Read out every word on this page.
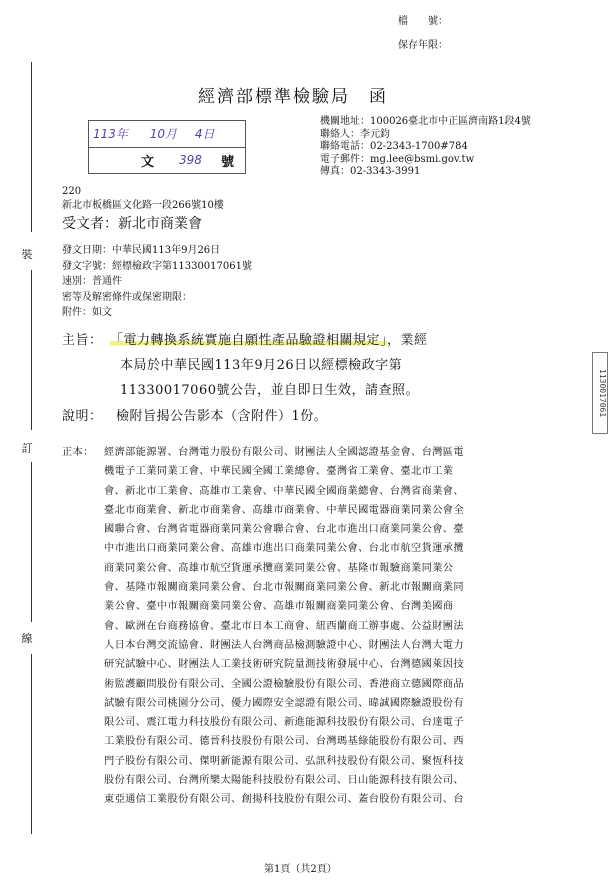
裝
訂
線
檔　　號：
保存年限：
經濟部標準檢驗局　函
113年 10月 4日
文 398 號
機關地址：100026臺北市中正區濟南路1段4號
聯絡人：李元鈞
聯絡電話：02-2343-1700#784
電子郵件：mg.lee@bsmi.gov.tw
傳真：02-3343-3991
220
新北市板橋區文化路一段266號10樓
受文者：新北市商業會
發文日期：中華民國113年9月26日
發文字號：經標檢政字第11330017061號
速別：普通件
密等及解密條件或保密期限：
附件：如文
主旨： 「電力轉換系統實施自願性產品驗證相關規定」，業經
本局於中華民國113年9月26日以經標檢政字第
11330017060號公告，並自即日生效，請查照。
說明： 檢附旨揭公告影本（含附件）1份。	1130017061
正本： 經濟部能源署、台灣電力股份有限公司、財團法人全國認證基金會、台灣區電
機電子工業同業工會、中華民國全國工業總會、臺灣省工業會、臺北市工業
會、新北市工業會、高雄市工業會、中華民國全國商業總會、台灣省商業會、
臺北市商業會、新北市商業會、高雄市商業會、中華民國電器商業同業公會全
國聯合會、台灣省電器商業同業公會聯合會、台北市進出口商業同業公會、臺
中市進出口商業同業公會、高雄市進出口商業同業公會、台北市航空貨運承攬
商業同業公會、高雄市航空貨運承攬商業同業公會、基隆市報驗商業同業公
會、基隆市報關商業同業公會、台北市報關商業同業公會、新北市報關商業同
業公會、臺中市報關商業同業公會、高雄市報關商業同業公會、台灣美國商
會、歐洲在台商務協會、臺北市日本工商會、紐西蘭商工辦事處、公益財團法
人日本台灣交流協會、財團法人台灣商品檢測驗證中心、財團法人台灣大電力
研究試驗中心、財團法人工業技術研究院量測技術發展中心、台灣德國萊因技
術監護顧問股份有限公司、全國公證檢驗股份有限公司、香港商立德國際商品
試驗有限公司桃園分公司、優力國際安全認證有限公司、暐誠國際驗證股份有
限公司、震江電力科技股份有限公司、新進能源科技股份有限公司、台達電子
工業股份有限公司、德晉科技股份有限公司、台灣瑪基綠能股份有限公司、西
門子股份有限公司、傑明新能源有限公司、弘訊科技股份有限公司、聚恆科技
股份有限公司、台灣所樂太陽能科技股份有限公司、日山能源科技有限公司、
東亞通信工業股份有限公司、創揚科技股份有限公司、蓋台股份有限公司、台
第1頁（共2頁）
